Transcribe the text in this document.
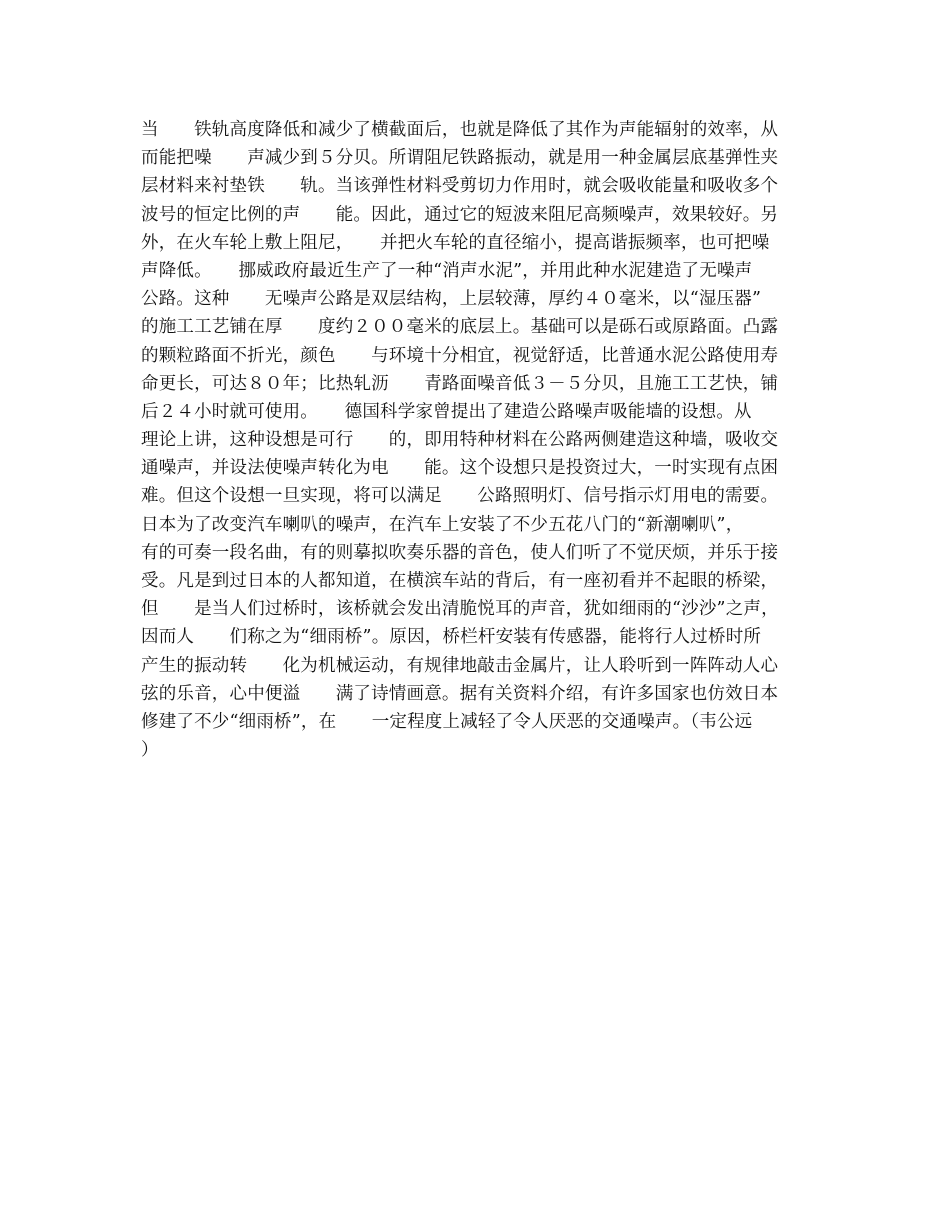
当　　铁轨高度降低和减少了横截面后，也就是降低了其作为声能辐射的效率，从
而能把噪　　声减少到５分贝。所谓阻尼铁路振动，就是用一种金属层底基弹性夹
层材料来衬垫铁　　轨。当该弹性材料受剪切力作用时，就会吸收能量和吸收多个
波号的恒定比例的声　　能。因此，通过它的短波来阻尼高频噪声，效果较好。另
外，在火车轮上敷上阻尼，　　并把火车轮的直径缩小，提高谐振频率，也可把噪
声降低。　　挪威政府最近生产了一种“消声水泥”，并用此种水泥建造了无噪声
公路。这种　　无噪声公路是双层结构，上层较薄，厚约４０毫米，以“湿压器”
的施工工艺铺在厚　　度约２００毫米的底层上。基础可以是砾石或原路面。凸露
的颗粒路面不折光，颜色　　与环境十分相宜，视觉舒适，比普通水泥公路使用寿
命更长，可达８０年；比热轧沥　　青路面噪音低３－５分贝，且施工工艺快，铺
后２４小时就可使用。　　德国科学家曾提出了建造公路噪声吸能墙的设想。从
理论上讲，这种设想是可行　　的，即用特种材料在公路两侧建造这种墙，吸收交
通噪声，并设法使噪声转化为电　　能。这个设想只是投资过大，一时实现有点困
难。但这个设想一旦实现，将可以满足　　公路照明灯、信号指示灯用电的需要。
日本为了改变汽车喇叭的噪声，在汽车上安装了不少五花八门的“新潮喇叭”，
有的可奏一段名曲，有的则摹拟吹奏乐器的音色，使人们听了不觉厌烦，并乐于接
受。凡是到过日本的人都知道，在横滨车站的背后，有一座初看并不起眼的桥梁，
但　　是当人们过桥时，该桥就会发出清脆悦耳的声音，犹如细雨的“沙沙”之声，
因而人　　们称之为“细雨桥”。原因，桥栏杆安装有传感器，能将行人过桥时所
产生的振动转　　化为机械运动，有规律地敲击金属片，让人聆听到一阵阵动人心
弦的乐音，心中便溢　　满了诗情画意。据有关资料介绍，有许多国家也仿效日本
修建了不少“细雨桥”，在　　一定程度上减轻了令人厌恶的交通噪声。（韦公远
）
